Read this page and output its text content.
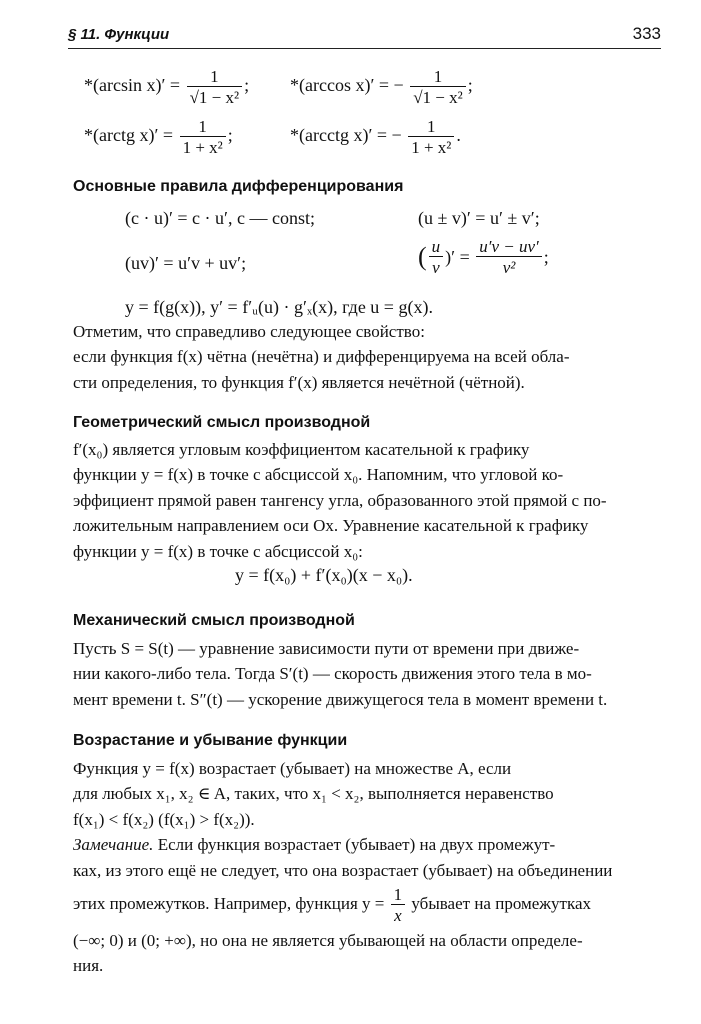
§ 11. Функции	333
*(arcsin $x)' = \frac{1}{\text{√1 − x²}}$ ; *(arccos x)′ = − $\frac{1}{\text{√1 − x²}}$ ;
*(arctg $x)' = \frac{1}{\text{1 + x²}}$ ;	*(arcctg x)′ = − $\frac{1}{\text{1 + x²}}$ .
Основные правила дифференцирования
(c · u)′ = c · u′, c — const;	(u ± v)′ = u′ ± v′;
(uv)′ = u′v + uv′;	( $\frac{u}{v}$ )′ = $\frac{u'v - uv'}{\text{v²}}$ ;
y = f(g(x)), y′ = f′ᵤ(u) · g′ₓ(x), где u = g(x).
Отметим, что справедливо следующее свойство:
если функция f(x) чётна (нечётна) и дифференцируема на всей обла-
сти определения, то функция f′(x) является нечётной (чётной).
Геометрический смысл производной
f′(x₀) является угловым коэффициентом касательной к графику
функции y = f(x) в точке с абсциссой x₀. Напомним, что угловой ко-
эффициент прямой равен тангенсу угла, образованного этой прямой с по-
ложительным направлением оси Ox. Уравнение касательной к графику
функции y = f(x) в точке с абсциссой x₀:
y = f(x₀) + f′(x₀)(x − x₀).
Механический смысл производной
Пусть S = S(t) — уравнение зависимости пути от времени при движе-
нии какого-либо тела. Тогда S′(t) — скорость движения этого тела в мо-
мент времени t. S″(t) — ускорение движущегося тела в момент времени t.
Возрастание и убывание функции
Функция y = f(x) возрастает (убывает) на множестве A, если
для любых x₁, x₂ ∈ A, таких, что x₁ < x₂, выполняется неравенство
f(x₁) < f(x₂) (f(x₁) > f(x₂)).
Замечание. Если функция возрастает (убывает) на двух промежут-
ках, из этого ещё не следует, что она возрастает (убывает) на объединении
этих промежутков. Например, функция $y = \frac{1}{x}$ убывает на промежутках
(−∞; 0) и (0; +∞), но она не является убывающей на области определе-
ния.
